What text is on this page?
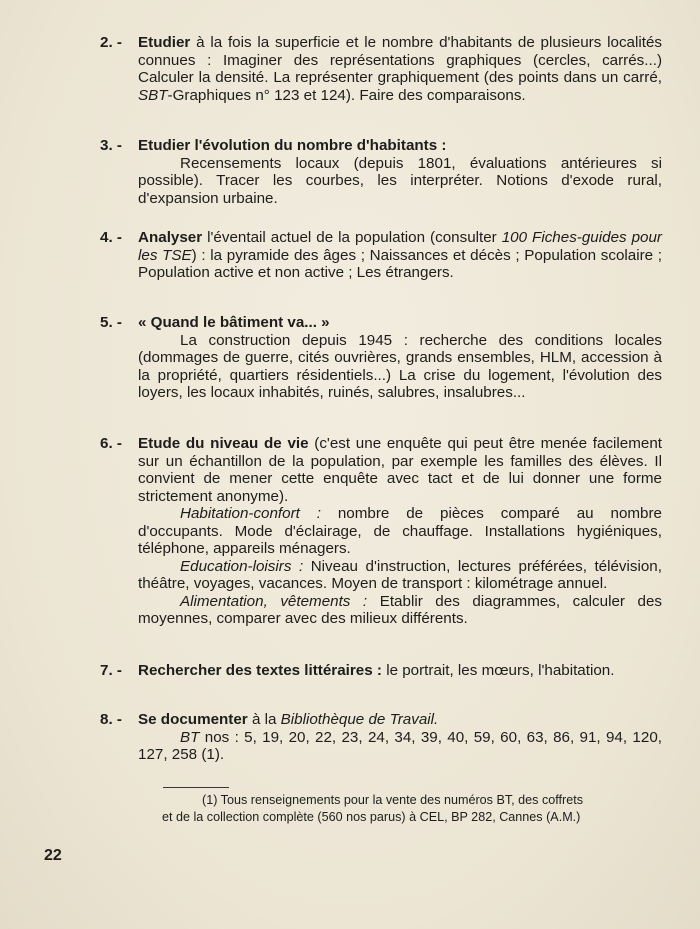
2. -	Etudier à la fois la superficie et le nombre d'habitants de plusieurs localités connues : Imaginer des représentations graphiques (cercles, carrés...) Calculer la densité. La représenter graphiquement (des points dans un carré, SBT-Graphiques n° 123 et 124). Faire des comparaisons.
3. -	Etudier l'évolution du nombre d'habitants :
Recensements locaux (depuis 1801, évaluations antérieures si possible). Tracer les courbes, les interpréter. Notions d'exode rural, d'expansion urbaine.
4. -	Analyser l'éventail actuel de la population (consulter 100 Fiches-guides pour les TSE) : la pyramide des âges ; Naissances et décès ; Population scolaire ; Population active et non active ; Les étrangers.
5. -	« Quand le bâtiment va... »
La construction depuis 1945 : recherche des conditions locales (dommages de guerre, cités ouvrières, grands ensembles, HLM, accession à la propriété, quartiers résidentiels...) La crise du logement, l'évolution des loyers, les locaux inhabités, ruinés, salubres, insalubres...
6. -	Etude du niveau de vie (c'est une enquête qui peut être menée facilement sur un échantillon de la population, par exemple les familles des élèves. Il convient de mener cette enquête avec tact et de lui donner une forme strictement anonyme).
Habitation-confort : nombre de pièces comparé au nombre d'occupants. Mode d'éclairage, de chauffage. Installations hygiéniques, téléphone, appareils ménagers.
Education-loisirs : Niveau d'instruction, lectures préférées, télévision, théâtre, voyages, vacances. Moyen de transport : kilométrage annuel.
Alimentation, vêtements : Etablir des diagrammes, calculer des moyennes, comparer avec des milieux différents.
7. -	Rechercher des textes littéraires : le portrait, les mœurs, l'habitation.
8. -	Se documenter à la Bibliothèque de Travail.
BT nos : 5, 19, 20, 22, 23, 24, 34, 39, 40, 59, 60, 63, 86, 91, 94, 120, 127, 258 (1).
(1) Tous renseignements pour la vente des numéros BT, des coffrets
et de la collection complète (560 nos parus) à CEL, BP 282, Cannes (A.M.)
22
